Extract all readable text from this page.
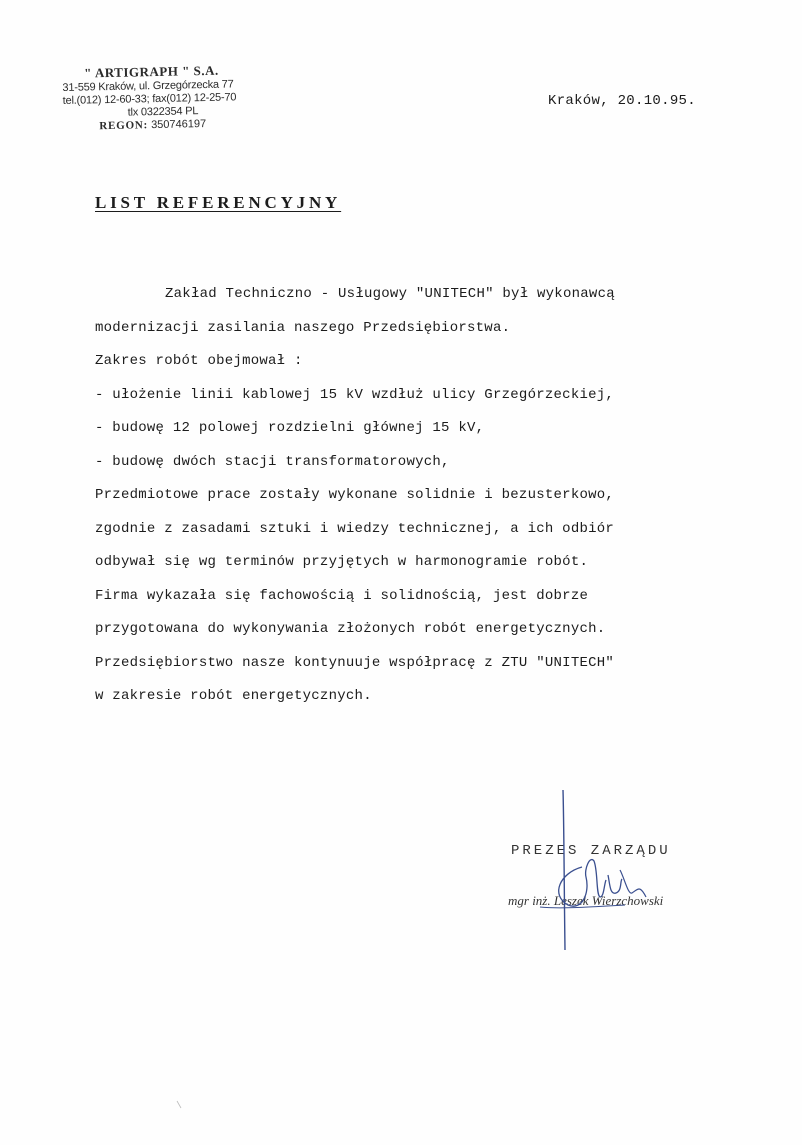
" ARTIGRAPH " S.A.
31-559 Kraków, ul. Grzegórzecka 77
tel.(012) 12-60-33; fax(012) 12-25-70
tlx 0322354 PL
REGON: 350746197
Kraków, 20.10.95.
LIST REFERENCYJNY
Zakład Techniczno - Usługowy "UNITECH" był wykonawcą
modernizacji zasilania naszego Przedsiębiorstwa.
Zakres robót obejmował :
- ułożenie linii kablowej 15 kV wzdłuż ulicy Grzegórzeckiej,
- budowę 12 polowej rozdzielni głównej 15 kV,
- budowę dwóch stacji transformatorowych,
Przedmiotowe prace zostały wykonane solidnie i bezusterkowo,
zgodnie z zasadami sztuki i wiedzy technicznej, a ich odbiór
odbywał się wg terminów przyjętych w harmonogramie robót.
Firma wykazała się fachowością i solidnością, jest dobrze
przygotowana do wykonywania złożonych robót energetycznych.
Przedsiębiorstwo nasze kontynuuje współpracę z ZTU "UNITECH"
w zakresie robót energetycznych.
PREZES ZARZĄDU
mgr inż. Leszek Wierzchowski
